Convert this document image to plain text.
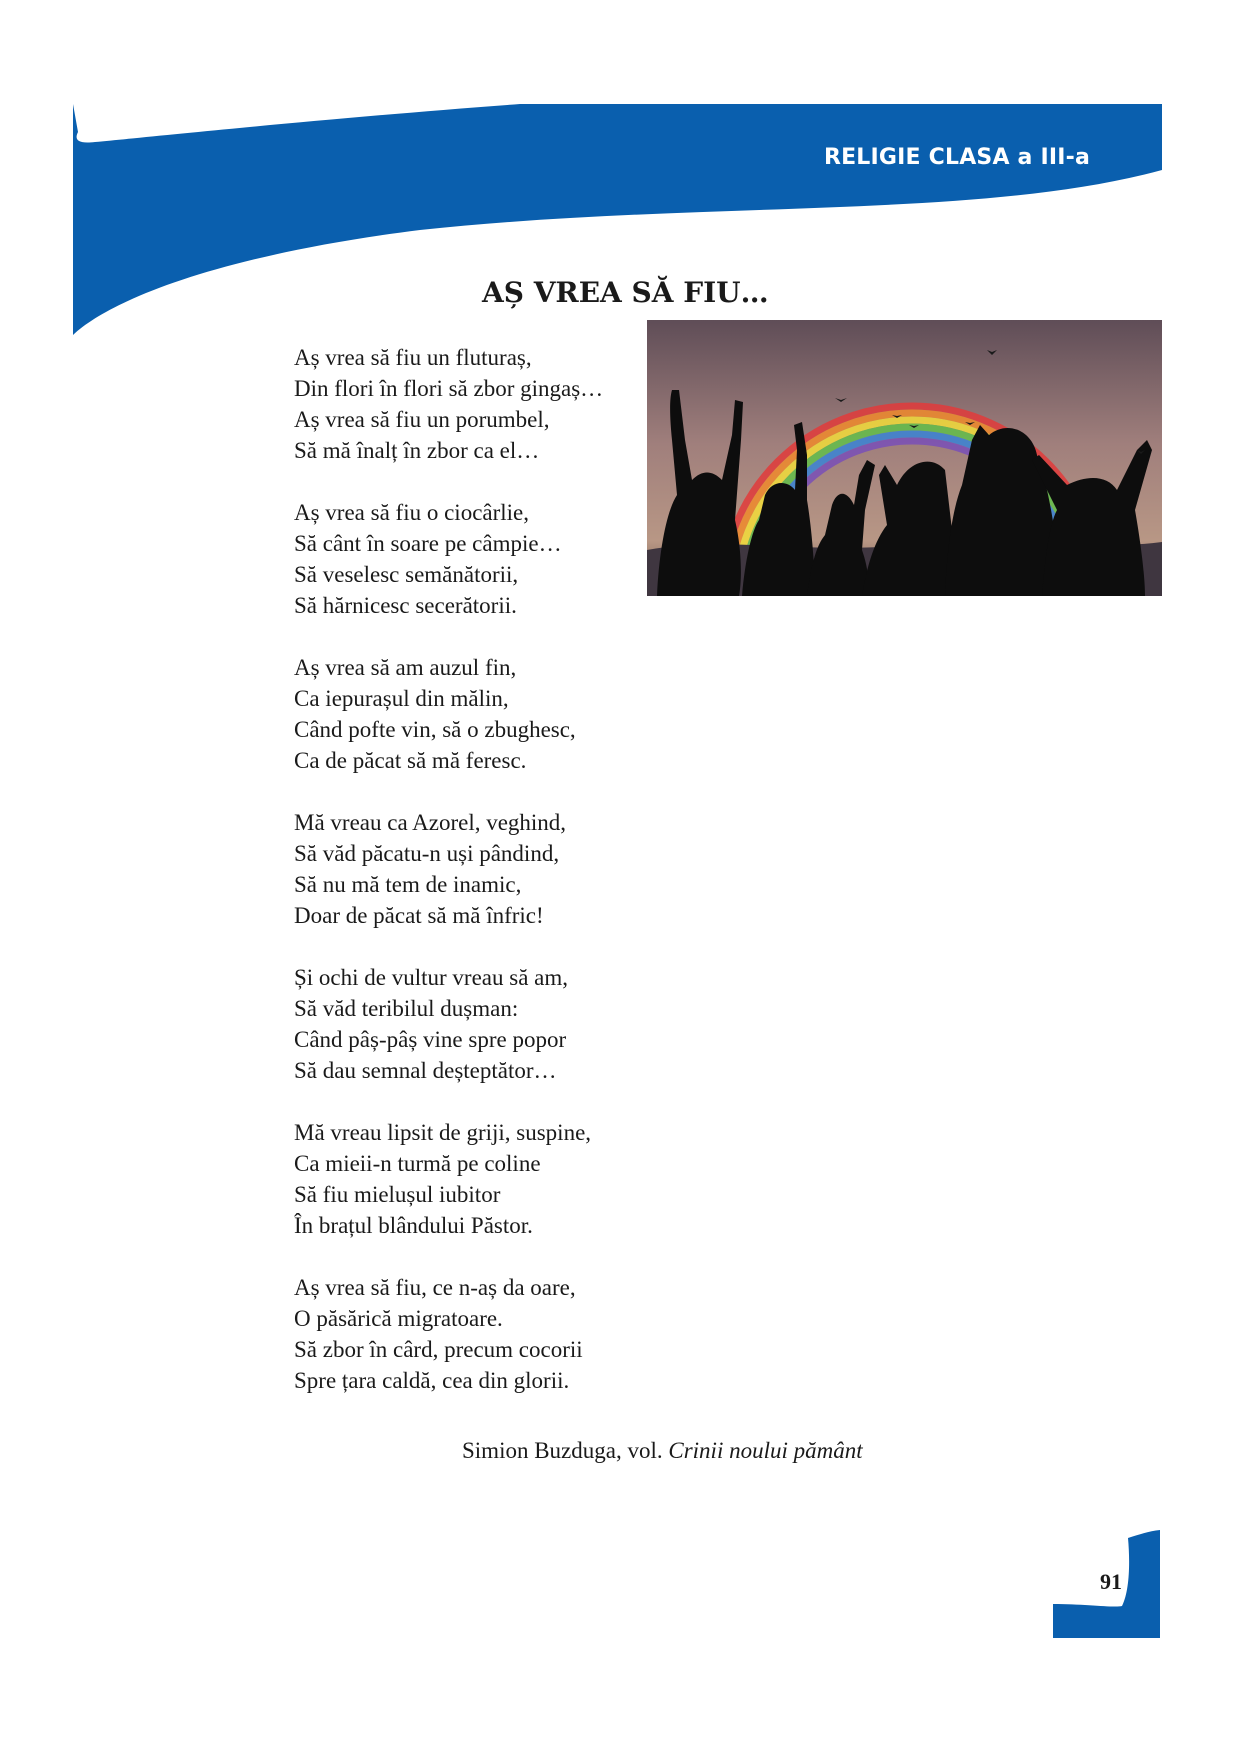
RELIGIE CLASA a III-a
AȘ VREA SĂ FIU…
Aș vrea să fiu un fluturaș,
Din flori în flori să zbor gingaș…
Aș vrea să fiu un porumbel,
Să mă înalț în zbor ca el…
Aș vrea să fiu o ciocârlie,
Să cânt în soare pe câmpie…
Să veselesc semănătorii,
Să hărnicesc secerătorii.
Aș vrea să am auzul fin,
Ca iepurașul din mălin,
Când pofte vin, să o zbughesc,
Ca de păcat să mă feresc.
Mă vreau ca Azorel, veghind,
Să văd păcatu-n uși pândind,
Să nu mă tem de inamic,
Doar de păcat să mă înfric!
Și ochi de vultur vreau să am,
Să văd teribilul dușman:
Când pâș-pâș vine spre popor
Să dau semnal deșteptător…
Mă vreau lipsit de griji, suspine,
Ca mieii-n turmă pe coline
Să fiu mielușul iubitor
În brațul blândului Păstor.
Aș vrea să fiu, ce n-aș da oare,
O păsărică migratoare.
Să zbor în cârd, precum cocorii
Spre țara caldă, cea din glorii.
Simion Buzduga, vol. Crinii noului pământ
91
